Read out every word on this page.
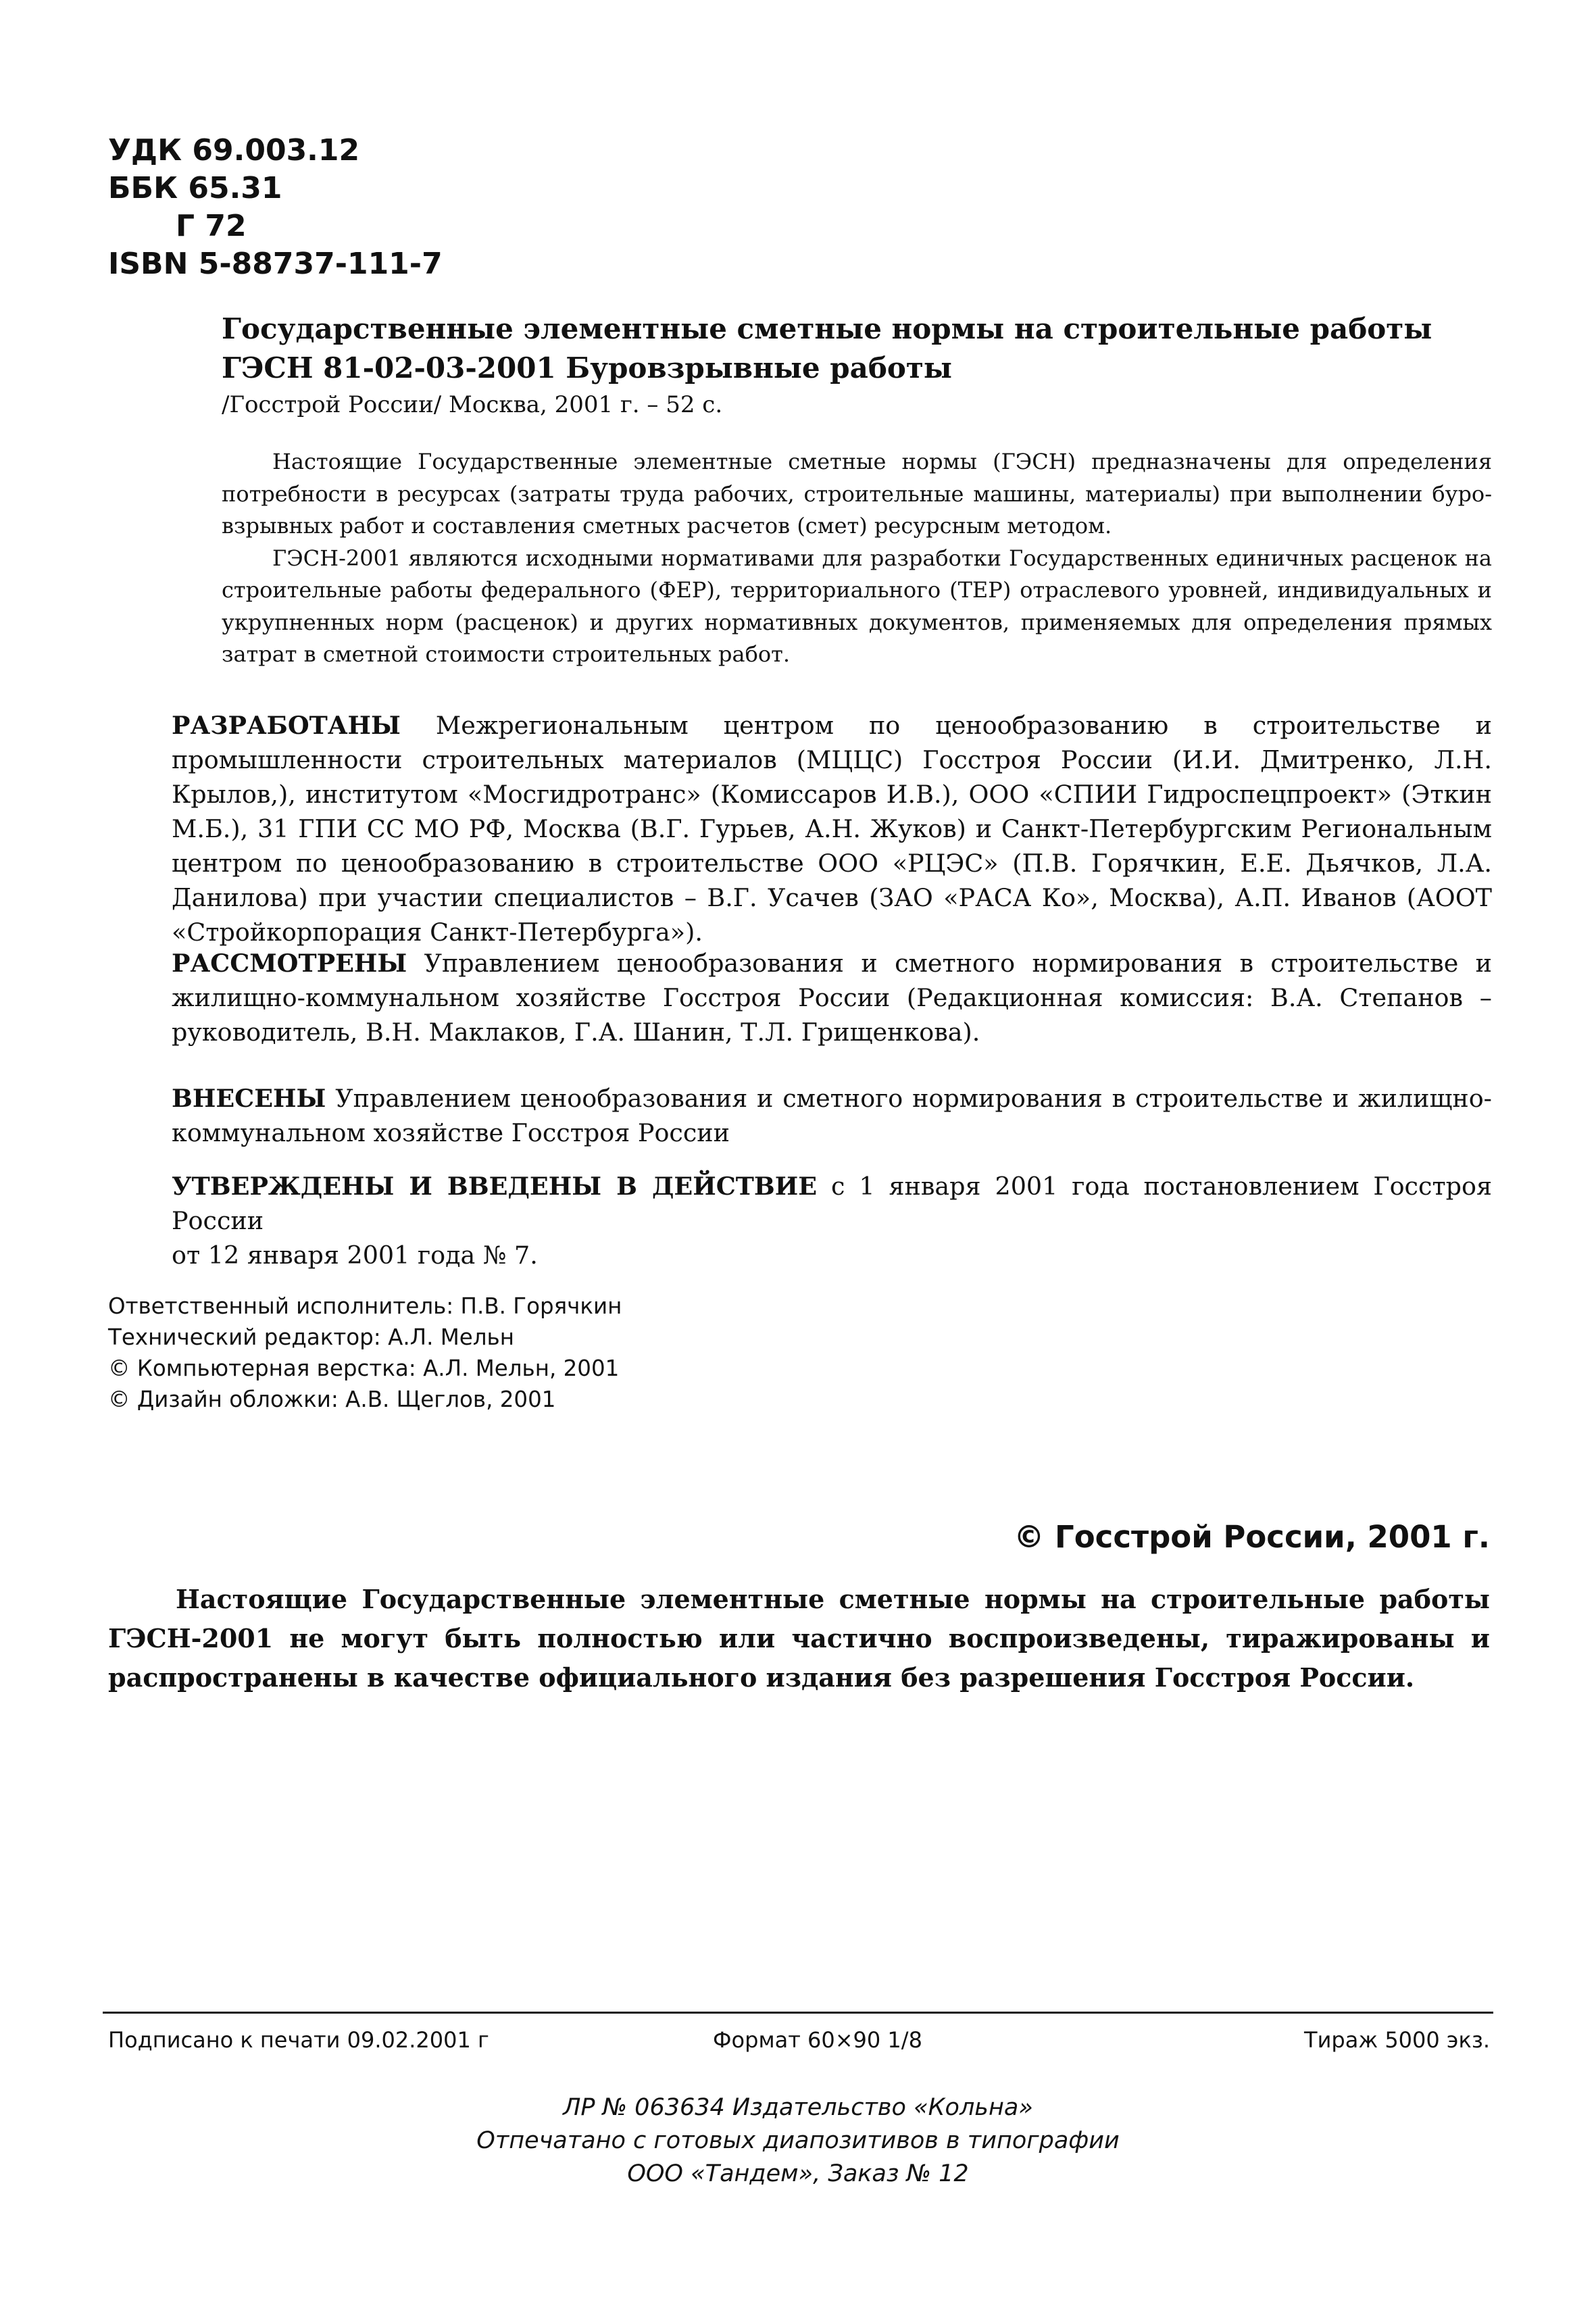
УДК 69.003.12
ББК 65.31
Г 72
ISBN 5-88737-111-7
Государственные элементные сметные нормы на строительные работы
ГЭСН 81-02-03-2001 Буровзрывные работы
/Госстрой России/ Москва, 2001 г. – 52 с.

Настоящие Государственные элементные сметные нормы (ГЭСН) предназначены для определения потребности в ресурсах (затраты труда рабочих, строительные машины, материалы) при выполнении буро-взрывных работ и составления сметных расчетов (смет) ресурсным методом.

ГЭСН-2001 являются исходными нормативами для разработки Государственных единичных расценок на строительные работы федерального (ФЕР), территориального (ТЕР) отраслевого уровней, индивидуальных и укрупненных норм (расценок) и других нормативных документов, применяемых для определения прямых затрат в сметной стоимости строительных работ.

РАЗРАБОТАНЫ Межрегиональным центром по ценообразованию в строительстве и промышленности строительных материалов (МЦЦС) Госстроя России (И.И. Дмитренко, Л.Н. Крылов,), институтом «Мосгидротранс» (Комиссаров И.В.), ООО «СПИИ Гидроспецпроект» (Эткин М.Б.), 31 ГПИ СС МО РФ, Москва (В.Г. Гурьев, А.Н. Жуков) и Санкт-Петербургским Региональным центром по ценообразованию в строительстве ООО «РЦЭС» (П.В. Горячкин, Е.Е. Дьячков, Л.А. Данилова) при участии специалистов – В.Г. Усачев (ЗАО «РАСА Ко», Москва), А.П. Иванов (АООТ «Стройкорпорация Санкт-Петербурга»).

РАССМОТРЕНЫ Управлением ценообразования и сметного нормирования в строительстве и жилищно-коммунальном хозяйстве Госстроя России (Редакционная комиссия: В.А. Степанов – руководитель, В.Н. Маклаков, Г.А. Шанин, Т.Л. Грищенкова).

ВНЕСЕНЫ Управлением ценообразования и сметного нормирования в строительстве и жилищно-коммунальном хозяйстве Госстроя России

УТВЕРЖДЕНЫ И ВВЕДЕНЫ В ДЕЙСТВИЕ с 1 января 2001 года постановлением Госстроя России
от 12 января 2001 года № 7.

Ответственный исполнитель: П.В. Горячкин
Технический редактор: А.Л. Мельн
© Компьютерная верстка: А.Л. Мельн, 2001
© Дизайн обложки: А.В. Щеглов, 2001
© Госстрой России, 2001 г.

Настоящие Государственные элементные сметные нормы на строительные работы ГЭСН-2001 не могут быть полностью или частично воспроизведены, тиражированы и распространены в качестве официального издания без разрешения Госстроя России.

Подписано к печати 09.02.2001 г	Формат 60×90 1/8	Тираж 5000 экз.
ЛР № 063634 Издательство «Кольна»
Отпечатано с готовых диапозитивов в типографии
ООО «Тандем», Заказ № 12
